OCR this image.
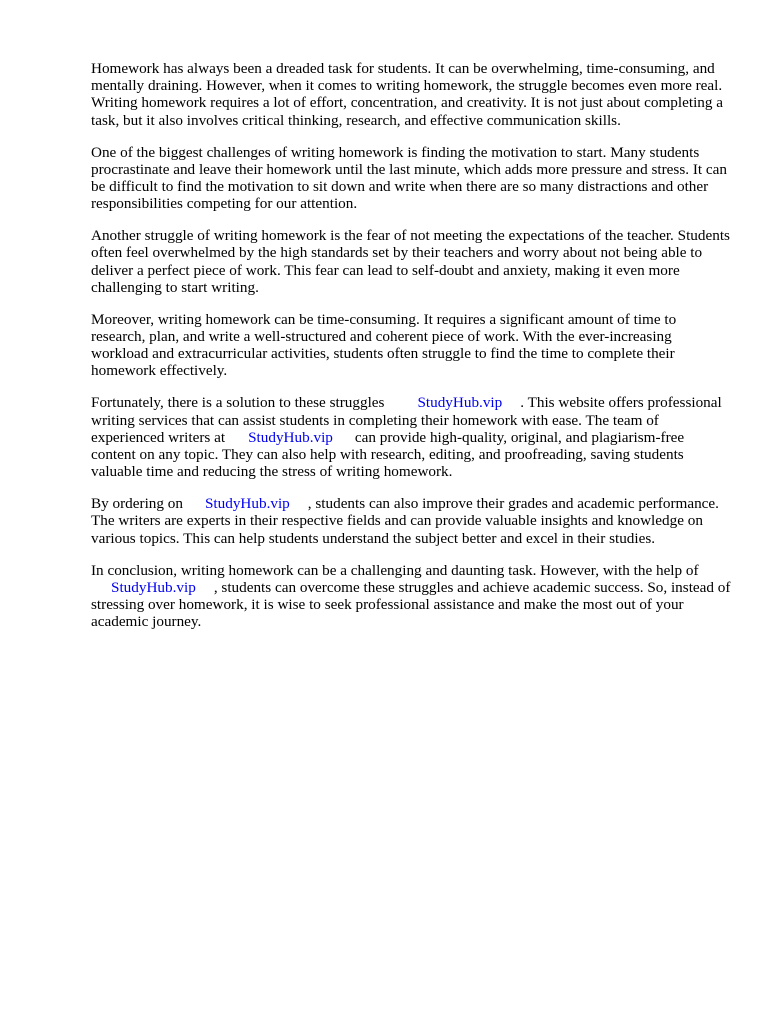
Homework has always been a dreaded task for students. It can be overwhelming, time-consuming, and mentally draining. However, when it comes to writing homework, the struggle becomes even more real. Writing homework requires a lot of effort, concentration, and creativity. It is not just about completing a task, but it also involves critical thinking, research, and effective communication skills.

One of the biggest challenges of writing homework is finding the motivation to start. Many students procrastinate and leave their homework until the last minute, which adds more pressure and stress. It can be difficult to find the motivation to sit down and write when there are so many distractions and other responsibilities competing for our attention.

Another struggle of writing homework is the fear of not meeting the expectations of the teacher. Students often feel overwhelmed by the high standards set by their teachers and worry about not being able to deliver a perfect piece of work. This fear can lead to self-doubt and anxiety, making it even more challenging to start writing.

Moreover, writing homework can be time-consuming. It requires a significant amount of time to research, plan, and write a well-structured and coherent piece of work. With the ever-increasing workload and extracurricular activities, students often struggle to find the time to complete their homework effectively.

Fortunately, there is a solution to these struggles StudyHub.vip . This website offers professional writing services that can assist students in completing their homework with ease. The team of experienced writers at StudyHub.vip can provide high-quality, original, and plagiarism-free content on any topic. They can also help with research, editing, and proofreading, saving students valuable time and reducing the stress of writing homework.

By ordering on StudyHub.vip , students can also improve their grades and academic performance. The writers are experts in their respective fields and can provide valuable insights and knowledge on various topics. This can help students understand the subject better and excel in their studies.

In conclusion, writing homework can be a challenging and daunting task. However, with the help of StudyHub.vip , students can overcome these struggles and achieve academic success. So, instead of stressing over homework, it is wise to seek professional assistance and make the most out of your academic journey.
